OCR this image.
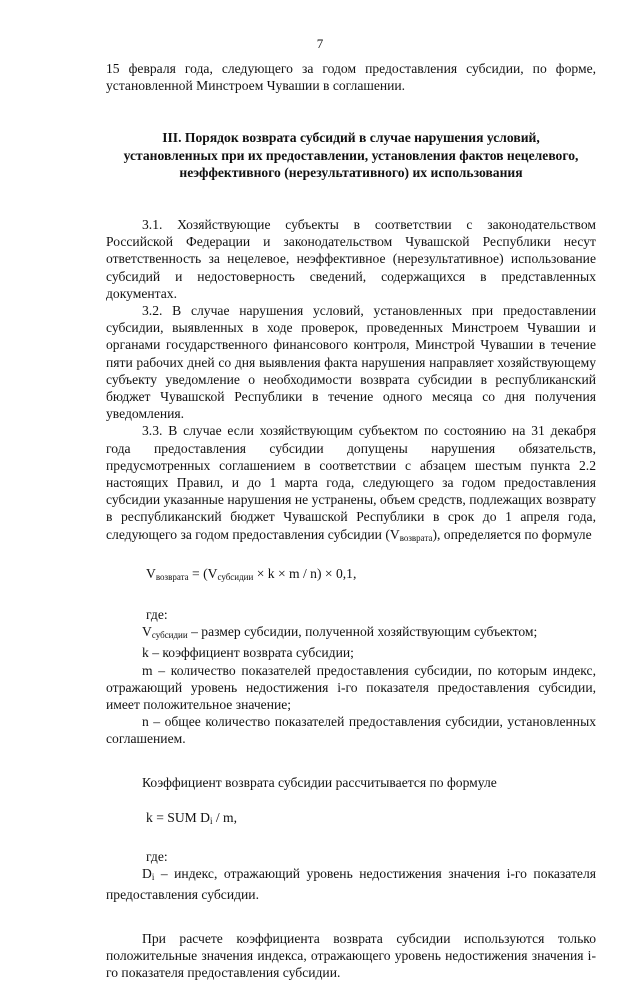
7

15 февраля года, следующего за годом предоставления субсидии, по форме, установленной Минстроем Чувашии в соглашении.

III. Порядок возврата субсидий в случае нарушения условий, установленных при их предоставлении, установления фактов нецелевого, неэффективного (нерезультативного) их использования

3.1. Хозяйствующие субъекты в соответствии с законодательством Российской Федерации и законодательством Чувашской Республики несут ответственность за нецелевое, неэффективное (нерезультативное) использование субсидий и недостоверность сведений, содержащихся в представленных документах.

3.2. В случае нарушения условий, установленных при предоставлении субсидии, выявленных в ходе проверок, проведенных Минстроем Чувашии и органами государственного финансового контроля, Минстрой Чувашии в течение пяти рабочих дней со дня выявления факта нарушения направляет хозяйствующему субъекту уведомление о необходимости возврата субсидии в республиканский бюджет Чувашской Республики в течение одного месяца со дня получения уведомления.

3.3. В случае если хозяйствующим субъектом по состоянию на 31 декабря года предоставления субсидии допущены нарушения обязательств, предусмотренных соглашением в соответствии с абзацем шестым пункта 2.2 настоящих Правил, и до 1 марта года, следующего за годом предоставления субсидии указанные нарушения не устранены, объем средств, подлежащих возврату в республиканский бюджет Чувашской Республики в срок до 1 апреля года, следующего за годом предоставления субсидии $(V_{возврата})$, определяется по формуле

$V_{возврата} = (V_{субсидии} \times k \times m / n) \times 0,1$,

где:

$V_{субсидии}$ – размер субсидии, полученной хозяйствующим субъектом;

k – коэффициент возврата субсидии;

m – количество показателей предоставления субсидии, по которым индекс, отражающий уровень недостижения i-го показателя предоставления субсидии, имеет положительное значение;

n – общее количество показателей предоставления субсидии, установленных соглашением.

Коэффициент возврата субсидии рассчитывается по формуле

k = SUM $D_i$ / m,

где:

$D_i$ – индекс, отражающий уровень недостижения значения i-го показателя предоставления субсидии.

При расчете коэффициента возврата субсидии используются только положительные значения индекса, отражающего уровень недостижения значения i-го показателя предоставления субсидии.
